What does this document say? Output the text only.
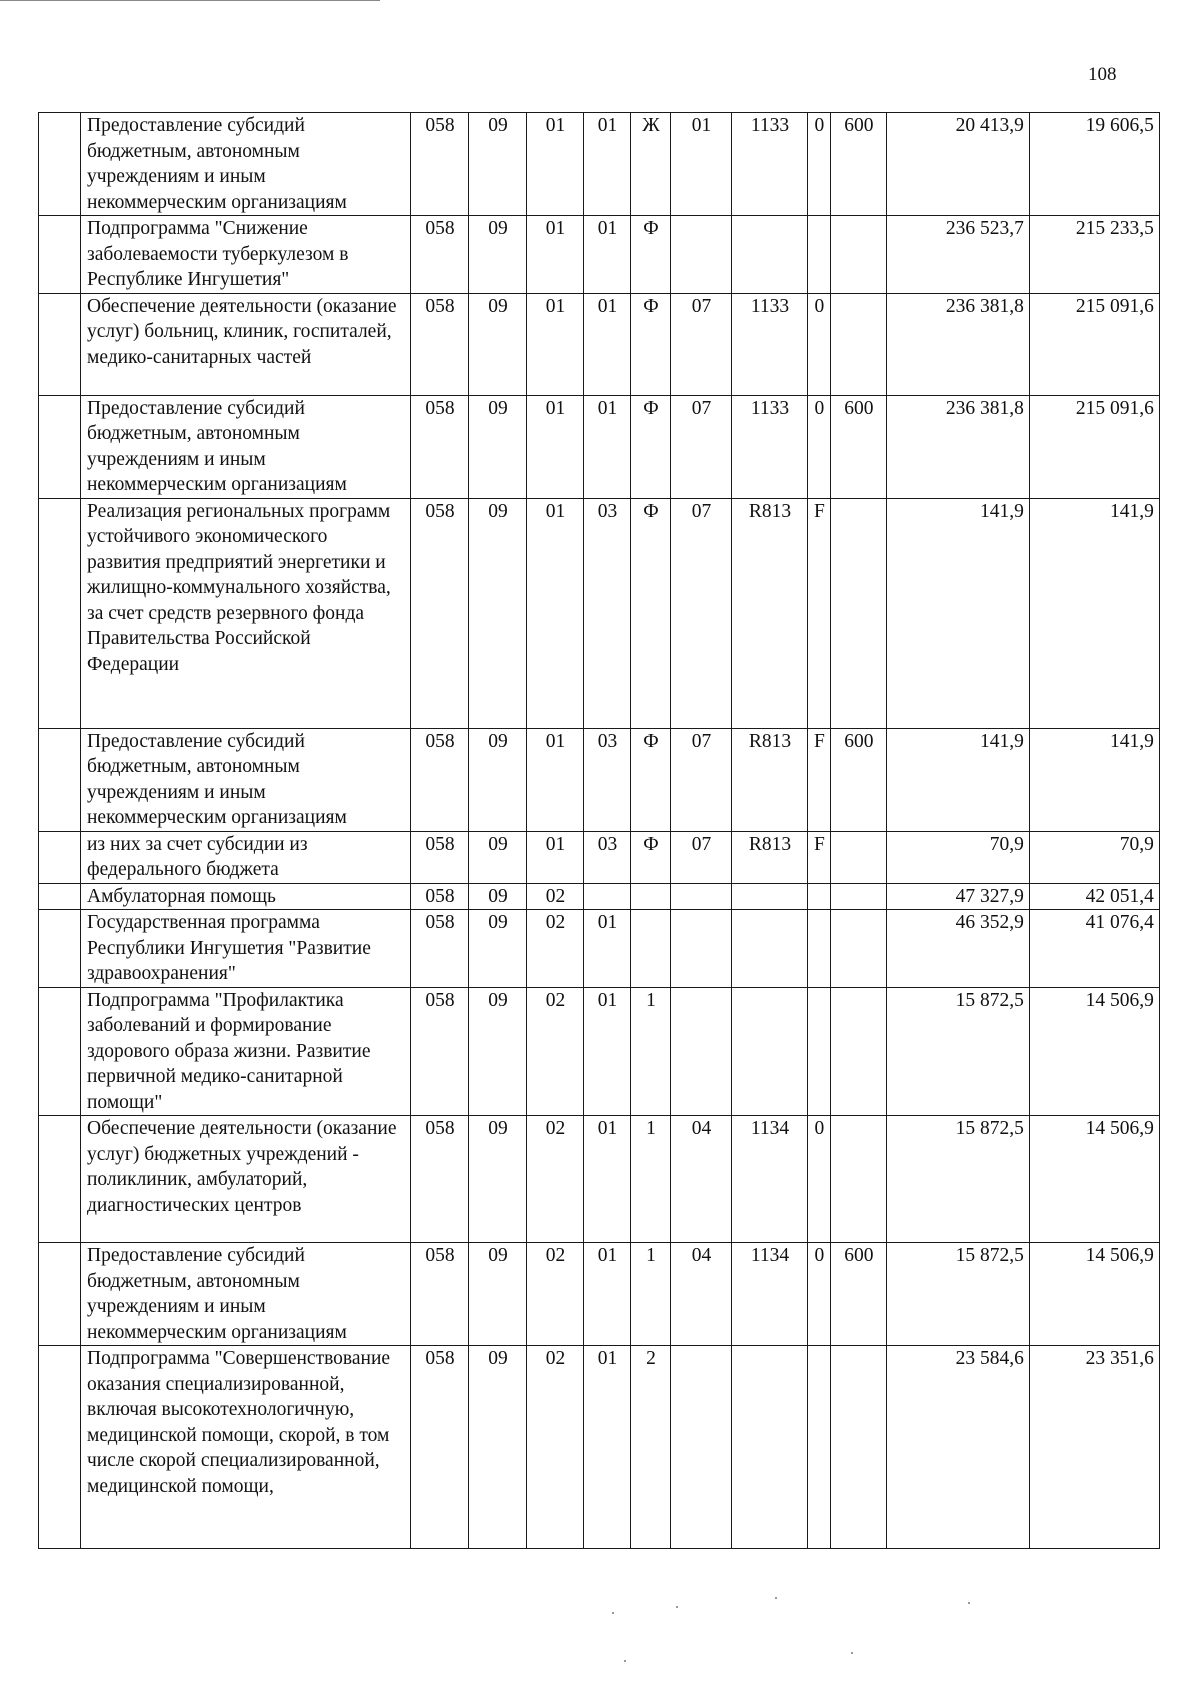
108
	Предоставление субсидий бюджетным, автономным учреждениям и иным некоммерческим организациям	058	09	01	01	Ж	01	1133	0	600	20 413,9	19 606,5
	Подпрограмма "Снижение заболеваемости туберкулезом в Республике Ингушетия"	058	09	01	01	Ф					236 523,7	215 233,5
	Обеспечение деятельности (оказание услуг) больниц, клиник, госпиталей, медико-санитарных частей	058	09	01	01	Ф	07	1133	0		236 381,8	215 091,6
	Предоставление субсидий бюджетным, автономным учреждениям и иным некоммерческим организациям	058	09	01	01	Ф	07	1133	0	600	236 381,8	215 091,6
	Реализация региональных программ устойчивого экономического развития предприятий энергетики и жилищно-коммунального хозяйства, за счет средств резервного фонда Правительства Российской Федерации	058	09	01	03	Ф	07	R813	F		141,9	141,9
	Предоставление субсидий бюджетным, автономным учреждениям и иным некоммерческим организациям	058	09	01	03	Ф	07	R813	F	600	141,9	141,9
	из них за счет субсидии из федерального бюджета	058	09	01	03	Ф	07	R813	F		70,9	70,9
	Амбулаторная помощь	058	09	02							47 327,9	42 051,4
	Государственная программа Республики Ингушетия "Развитие здравоохранения"	058	09	02	01						46 352,9	41 076,4
	Подпрограмма "Профилактика заболеваний и формирование здорового образа жизни. Развитие первичной медико-санитарной помощи"	058	09	02	01	1					15 872,5	14 506,9
	Обеспечение деятельности (оказание услуг) бюджетных учреждений - поликлиник, амбулаторий, диагностических центров	058	09	02	01	1	04	1134	0		15 872,5	14 506,9
	Предоставление субсидий бюджетным, автономным учреждениям и иным некоммерческим организациям	058	09	02	01	1	04	1134	0	600	15 872,5	14 506,9
	Подпрограмма "Совершенствование оказания специализированной, включая высокотехнологичную, медицинской помощи, скорой, в том числе скорой специализированной, медицинской помощи,	058	09	02	01	2					23 584,6	23 351,6
